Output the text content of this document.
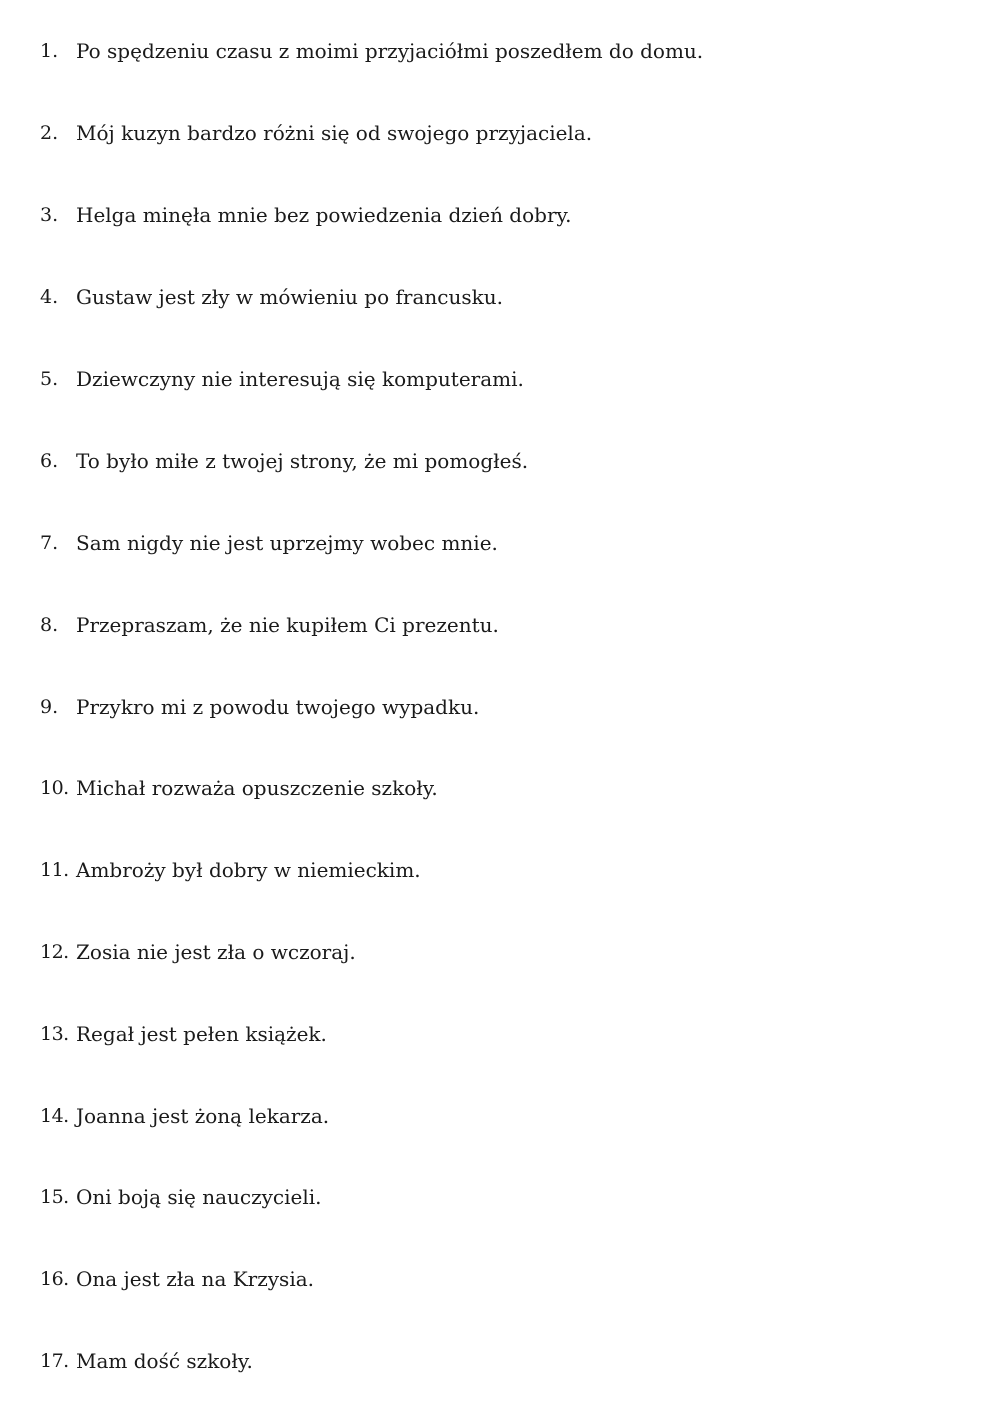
1. Po spędzeniu czasu z moimi przyjaciółmi poszedłem do domu.
2. Mój kuzyn bardzo różni się od swojego przyjaciela.
3. Helga minęła mnie bez powiedzenia dzień dobry.
4. Gustaw jest zły w mówieniu po francusku.
5. Dziewczyny nie interesują się komputerami.
6. To było miłe z twojej strony, że mi pomogłeś.
7. Sam nigdy nie jest uprzejmy wobec mnie.
8. Przepraszam, że nie kupiłem Ci prezentu.
9. Przykro mi z powodu twojego wypadku.
10. Michał rozważa opuszczenie szkoły.
11. Ambroży był dobry w niemieckim.
12. Zosia nie jest zła o wczoraj.
13. Regał jest pełen książek.
14. Joanna jest żoną lekarza.
15. Oni boją się nauczycieli.
16. Ona jest zła na Krzysia.
17. Mam dość szkoły.
